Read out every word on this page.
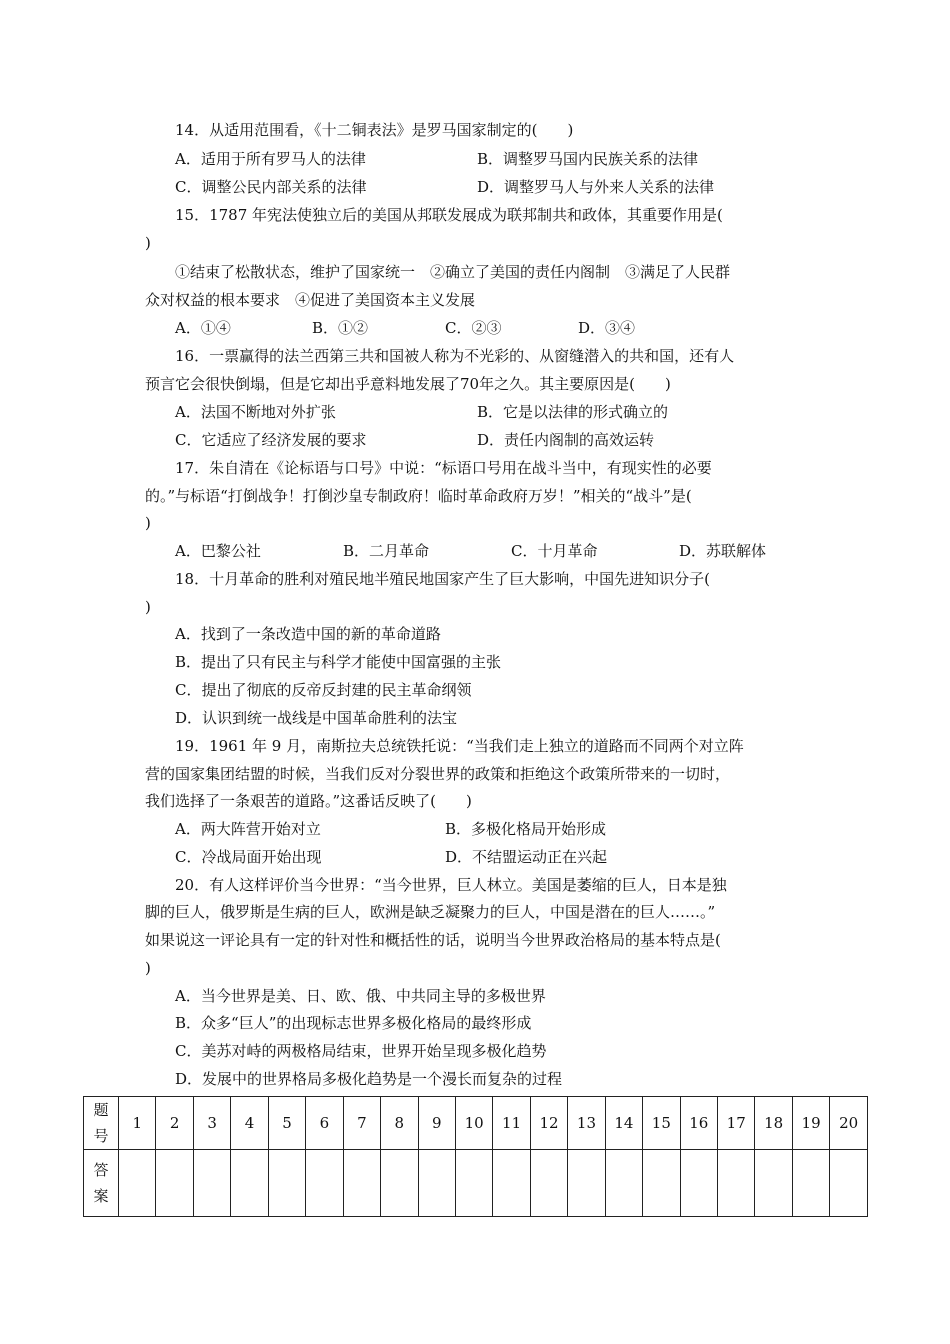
14．从适用范围看，《十二铜表法》是罗马国家制定的(　　)
A．适用于所有罗马人的法律	B．调整罗马国内民族关系的法律
C．调整公民内部关系的法律	D．调整罗马人与外来人关系的法律
15．1787 年宪法使独立后的美国从邦联发展成为联邦制共和政体，其重要作用是(
)
①结束了松散状态，维护了国家统一　②确立了美国的责任内阁制　③满足了人民群
众对权益的根本要求　④促进了美国资本主义发展
A．①④	B．①②	C．②③	D．③④
16．一票赢得的法兰西第三共和国被人称为不光彩的、从窗缝潜入的共和国，还有人
预言它会很快倒塌，但是它却出乎意料地发展了70年之久。其主要原因是(　　)
A．法国不断地对外扩张	B．它是以法律的形式确立的
C．它适应了经济发展的要求	D．责任内阁制的高效运转
17．朱自清在《论标语与口号》中说：“标语口号用在战斗当中，有现实性的必要
的。”与标语“打倒战争！打倒沙皇专制政府！临时革命政府万岁！”相关的“战斗”是(
)
A．巴黎公社	B．二月革命	C．十月革命	D．苏联解体
18．十月革命的胜利对殖民地半殖民地国家产生了巨大影响，中国先进知识分子(
)
A．找到了一条改造中国的新的革命道路
B．提出了只有民主与科学才能使中国富强的主张
C．提出了彻底的反帝反封建的民主革命纲领
D．认识到统一战线是中国革命胜利的法宝
19．1961 年 9 月，南斯拉夫总统铁托说：“当我们走上独立的道路而不同两个对立阵
营的国家集团结盟的时候，当我们反对分裂世界的政策和拒绝这个政策所带来的一切时，
我们选择了一条艰苦的道路。”这番话反映了(　　)
A．两大阵营开始对立	B．多极化格局开始形成
C．冷战局面开始出现	D．不结盟运动正在兴起
20．有人这样评价当今世界：“当今世界，巨人林立。美国是萎缩的巨人，日本是独
脚的巨人，俄罗斯是生病的巨人，欧洲是缺乏凝聚力的巨人，中国是潜在的巨人……。”
如果说这一评论具有一定的针对性和概括性的话，说明当今世界政治格局的基本特点是(
)
A．当今世界是美、日、欧、俄、中共同主导的多极世界
B．众多“巨人”的出现标志世界多极化格局的最终形成
C．美苏对峙的两极格局结束，世界开始呈现多极化趋势
D．发展中的世界格局多极化趋势是一个漫长而复杂的过程
题
号	1	2	3	4	5	6	7	8	9	10	11	12	13	14	15	16	17	18	19	20

答
案																				
